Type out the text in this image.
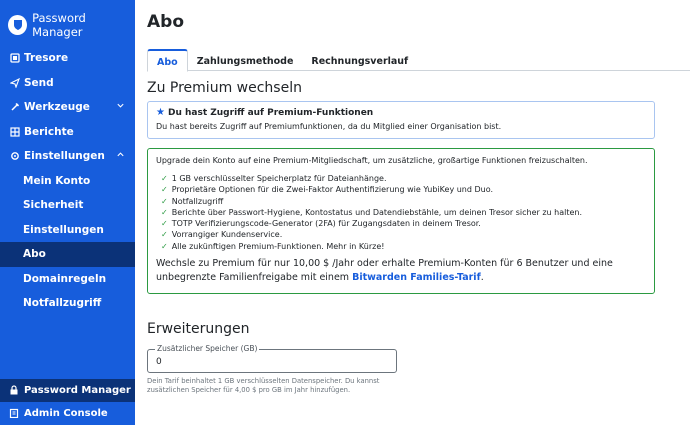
Password Manager
Tresore
Send
Werkzeuge
Berichte
Einstellungen
Mein Konto
Sicherheit
Einstellungen
Abo
Domainregeln
Notfallzugriff
Password Manager
Admin Console
Abo
Abo	Zahlungsmethode	Rechnungsverlauf
Zu Premium wechseln
★ Du hast Zugriff auf Premium-Funktionen
Du hast bereits Zugriff auf Premiumfunktionen, da du Mitglied einer Organisation bist.
Upgrade dein Konto auf eine Premium-Mitgliedschaft, um zusätzliche, großartige Funktionen freizuschalten.
✓ 1 GB verschlüsselter Speicherplatz für Dateianhänge.
✓ Proprietäre Optionen für die Zwei-Faktor Authentifizierung wie YubiKey und Duo.
✓ Notfallzugriff
✓ Berichte über Passwort-Hygiene, Kontostatus und Datendiebstähle, um deinen Tresor sicher zu halten.
✓ TOTP Verifizierungscode-Generator (2FA) für Zugangsdaten in deinem Tresor.
✓ Vorrangiger Kundenservice.
✓ Alle zukünftigen Premium-Funktionen. Mehr in Kürze!
Wechsle zu Premium für nur 10,00 $ /Jahr oder erhalte Premium-Konten für 6 Benutzer und eine unbegrenzte Familienfreigabe mit einem Bitwarden Families-Tarif.
Erweiterungen
Zusätzlicher Speicher (GB)
0
Dein Tarif beinhaltet 1 GB verschlüsselten Datenspeicher. Du kannst zusätzlichen Speicher für 4,00 $ pro GB im Jahr hinzufügen.
